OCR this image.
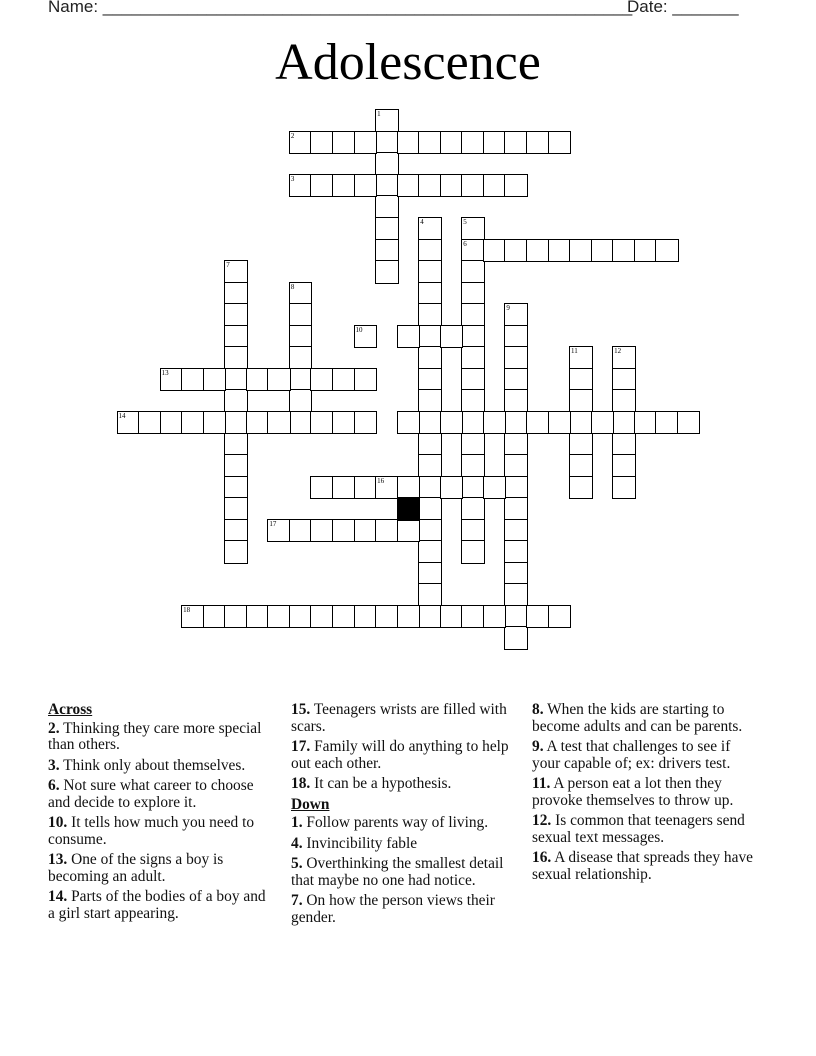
Name: ________________________________________________________
Date: _______
Adolescence
1
2
3
4	5
6
7
8
9
10
11	12
13
14
16
17
18
Across
2. Thinking they care more special than others.
3. Think only about themselves.
6. Not sure what career to choose and decide to explore it.
10. It tells how much you need to consume.
13. One of the signs a boy is becoming an adult.
14. Parts of the bodies of a boy and a girl start appearing.
15. Teenagers wrists are filled with scars.
17. Family will do anything to help out each other.
18. It can be a hypothesis.
Down
1. Follow parents way of living.
4. Invincibility fable
5. Overthinking the smallest detail that maybe no one had notice.
7. On how the person views their gender.
8. When the kids are starting to become adults and can be parents.
9. A test that challenges to see if your capable of; ex: drivers test.
11. A person eat a lot then they provoke themselves to throw up.
12. Is common that teenagers send sexual text messages.
16. A disease that spreads they have sexual relationship.
